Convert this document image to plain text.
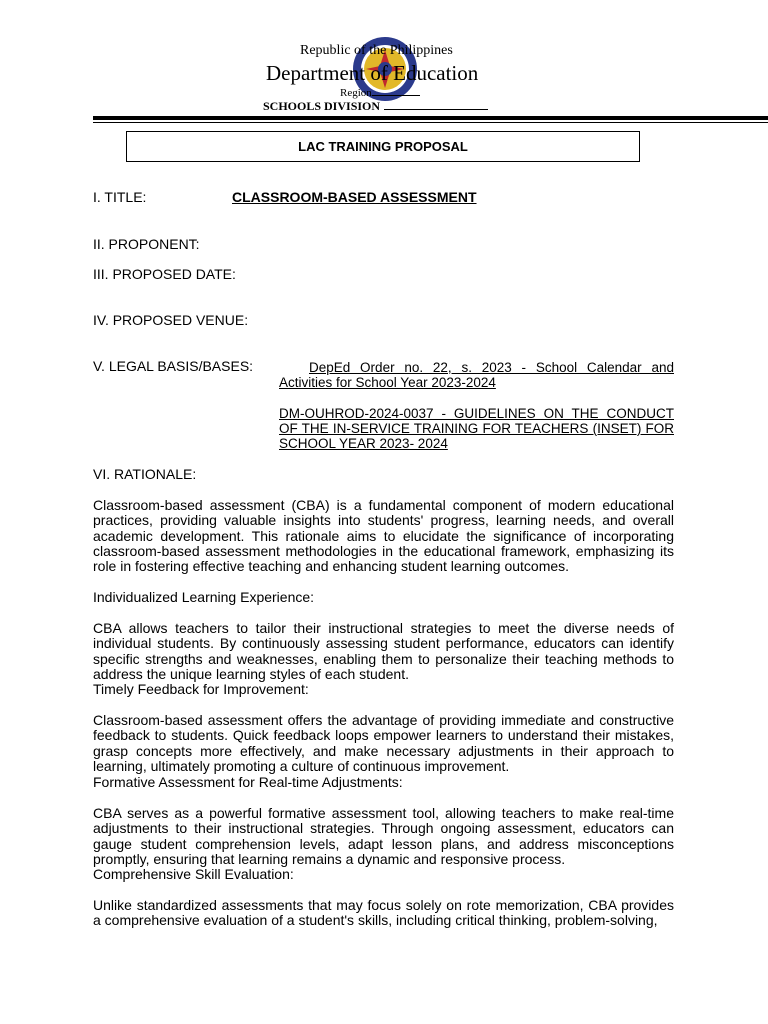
Republic of the Philippines
Department of Education
Region
SCHOOLS DIVISION
LAC TRAINING PROPOSAL
I. TITLE:	CLASSROOM-BASED ASSESSMENT
II. PROPONENT:
III. PROPOSED DATE:
IV. PROPOSED VENUE:
V. LEGAL BASIS/BASES:	DepEd Order no. 22, s. 2023 - School Calendar and Activities for School Year 2023-2024
DM-OUHROD-2024-0037 - GUIDELINES ON THE CONDUCT OF THE IN-SERVICE TRAINING FOR TEACHERS (INSET) FOR SCHOOL YEAR 2023- 2024
VI. RATIONALE:
Classroom-based assessment (CBA) is a fundamental component of modern educational practices, providing valuable insights into students' progress, learning needs, and overall academic development. This rationale aims to elucidate the significance of incorporating classroom-based assessment methodologies in the educational framework, emphasizing its role in fostering effective teaching and enhancing student learning outcomes.
Individualized Learning Experience:
CBA allows teachers to tailor their instructional strategies to meet the diverse needs of individual students. By continuously assessing student performance, educators can identify specific strengths and weaknesses, enabling them to personalize their teaching methods to address the unique learning styles of each student.
Timely Feedback for Improvement:
Classroom-based assessment offers the advantage of providing immediate and constructive feedback to students. Quick feedback loops empower learners to understand their mistakes, grasp concepts more effectively, and make necessary adjustments in their approach to learning, ultimately promoting a culture of continuous improvement.
Formative Assessment for Real-time Adjustments:
CBA serves as a powerful formative assessment tool, allowing teachers to make real-time adjustments to their instructional strategies. Through ongoing assessment, educators can gauge student comprehension levels, adapt lesson plans, and address misconceptions promptly, ensuring that learning remains a dynamic and responsive process.
Comprehensive Skill Evaluation:
Unlike standardized assessments that may focus solely on rote memorization, CBA provides a comprehensive evaluation of a student's skills, including critical thinking, problem-solving,
